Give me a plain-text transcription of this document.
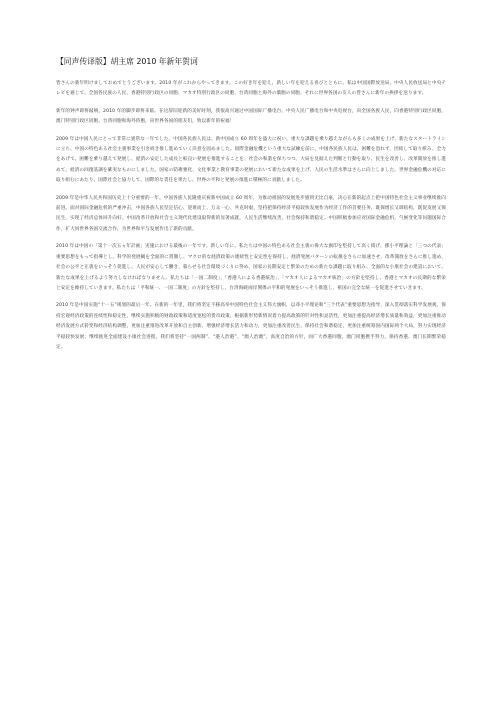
【同声传译版】胡主席 2010 年新年贺词

皆さんの新年明けましておめでとうございます。2010 年がこれからやってきます。この好き年を迎え、新しい年を迎える喜びとともに、私は中国国際放送局、中央人民放送局と中央テレビを通じて、全国各民族の人民、香港特別行政区の同胞、マカオ特別行政区の同胞、台湾同胞と海外の僑胞の同胞、それに世界各国の友人の皆さんに新年の挨拶を送ります。

新年的钟声即将敲响，2010 年的脚步即将来临。在这辞旧迎新的美好时刻，我很高兴通过中国国际广播电台、中央人民广播电台和中央电视台，向全国各族人民，向香港特别行政区同胞、澳门特别行政区同胞、台湾同胞和海外侨胞，向世界各国的朋友们，致以新年的祝福！

2009 年は中国人民にとって非常に異常な一年でした。中国各民族人民は、新中国成立 60 周年を盛大に祝い、重大な課題を乗り越えながらも多くの成果を上げ、新たなスタートラインに立ち、中国の特色ある社会主義事業を引き続き推し進めていく決意を固めました。国際金融危機という重大な試練を前に、中国各民族人民は、困難を恐れず、団結して取り組み、全力をあげて、困難を乗り越えて発展し、経済の安定した成長と較良い発展を推進することを、社会の和諧を保ちつつ、大局を見据えた判断と行動を取り、民生を改善し、改革開放を推し進めて、経済の回復基調を確実なものにしました。国家の防衛強化、文化事業と教育事業の発展において新たな成果を上げ、人民の生活水準はさらに向上しました。世界金融危機の対応に取り組むにあたり、国際社会と協力して、国際的な責任を果たし、世界の平和と発展の推進に積極的に貢献しました。

2009 年是中华人民共和国历史上十分重要的一年。中国各族人民隆重庆祝新中国成立 60 周年，为推动祖国的发展进步感到无比自豪，决心在新的起点上把中国特色社会主义事业继续推向前进。面对国际金融危机的严重冲击，中国各族人民坚定信心、迎难而上、万众一心、共克时艰，坚持把保持经济平稳较快发展作为经济工作的首要任务，既保增长又调结构，既促发展又保民生，实现了经济总体回升向好。中国改革开放和社会主义现代化建设取得新的显著成就，人民生活继续改善，社会保持和谐稳定。中国积极参加应对国际金融危机、气候变化等问题国际合作，扩大同世界各国交流合作，为世界和平与发展作出了新的贡献。

2010 年は中国の「第十一次五ヵ年計画」実施における最後の一年です。新しい年に、私たちは中国の特色ある社会主義の偉大な旗印を堅持して高く掲げ、鄧小平理論と「三つの代表」重要思想をもって指導とし、科学的発展観を全面的に貫徹し、マクロ的な経済政策の連続性と安定性を保持し、経済発展パターンの転換をさらに加速させ、改革開放をさらに推し進め、社会の公平と正義をいっそう促進し、人民が安心して働き、暮らせる社会環境づくりに努め、国家の長期安定と繁栄のための新たな課題に取り組み、全面的な小康社会の建設において、新たな成果を上げるよう努力しなければなりません。私たちは「一国二制度」、「香港人による香港統治」、「マカオ人によるマカオ統治」の方針を堅持し、香港とマカオの長期的な繁栄と安定を維持していきます。私たちは「平和統一、一国二制度」の方針を堅持し、台湾海峡両岸関係の平和的発展をいっそう推進し、祖国の完全な統一を促進させていきます。

2010 年是中国实施“十一五”规划的最后一年。在新的一年里，我们将坚定不移高举中国特色社会主义伟大旗帜，以邓小平理论和“三个代表”重要思想为指导，深入贯彻落实科学发展观，保持宏观经济政策的连续性和稳定性，继续实施积极的财政政策和适度宽松的货币政策，根据新形势新情况着力提高政策的针对性和灵活性，更加注重提高经济增长质量和效益，更加注重推动经济发展方式转变和经济结构调整，更加注重推进改革开放和自主创新、增强经济增长活力和动力，更加注重改善民生、保持社会和谐稳定，更加注重统筹国内国际两个大局，努力实现经济平稳较快发展；继续推进全面建设小康社会进程，我们将坚持“一国两制”、“港人治港”、“澳人治澳”、高度自治的方针，同广大香港同胞、澳门同胞携手努力，保持香港、澳门长期繁荣稳定。
